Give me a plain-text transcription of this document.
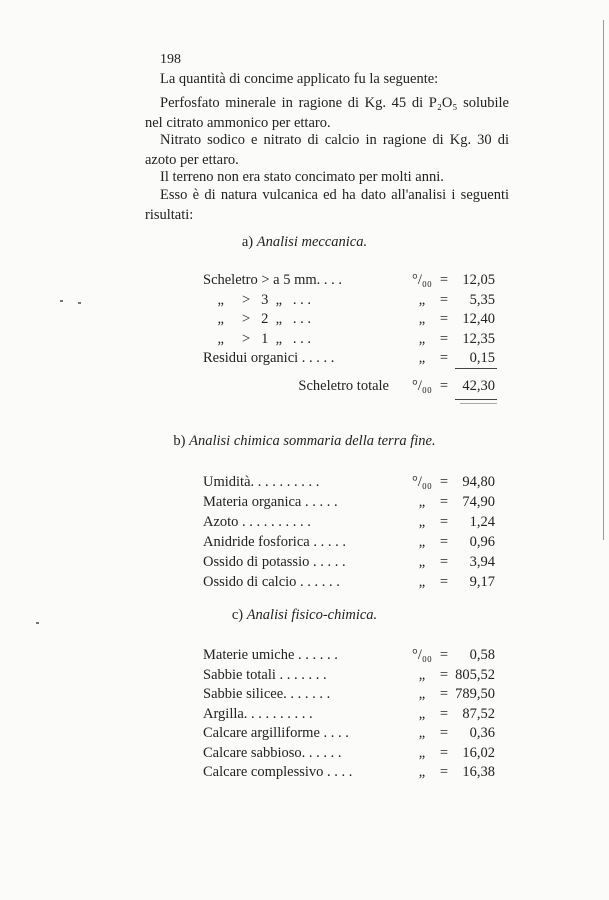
198
La quantità di concime applicato fu la seguente:
Perfosfato minerale in ragione di Kg. 45 di P₂O₅ solubile nel citrato ammonico per ettaro.
Nitrato sodico e nitrato di calcio in ragione di Kg. 30 di azoto per ettaro.
Il terreno non era stato concimato per molti anni.
Esso è di natura vulcanica ed ha dato all'analisi i seguenti risultati:
a) Analisi meccanica.
Scheletro > a 5 mm. . . .	°/₀₀ = 12,05
„     >   3  „   . . .	„	=	5,35
„     >   2  „   . . .	„	= 12,40
„     >   1  „   . . .	„	= 12,35
Residui organici . . . . .	„	=	0,15
Scheletro totale °/₀₀ = 42,30
b) Analisi chimica sommaria della terra fine.
Umidità. . . . . . . . . .	°/₀₀ = 94,80
Materia organica . . . . .	„	= 74,90
Azoto . . . . . . . . . .	„	=	1,24
Anidride fosforica . . . . .	„	=	0,96
Ossido di potassio . . . . .	„	=	3,94
Ossido di calcio . . . . . .	„	=	9,17
c) Analisi fisico-chimica.
Materie umiche . . . . . .	°/₀₀ =	0,58
Sabbie totali . . . . . . .	„	= 805,52
Sabbie silicee. . . . . . .	„	= 789,50
Argilla. . . . . . . . . .	„	= 87,52
Calcare argilliforme . . . .	„	=	0,36
Calcare sabbioso. . . . . .	„	= 16,02
Calcare complessivo . . . .	„	= 16,38
